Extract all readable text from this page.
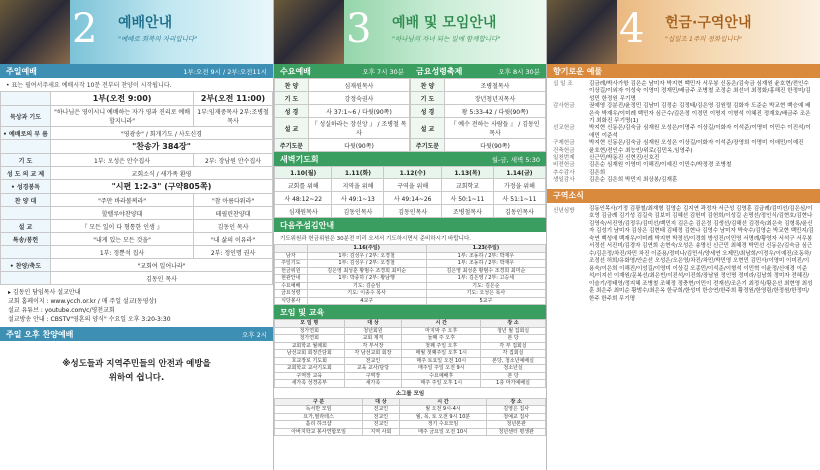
2 예배안내
"예배로 회복의 자리입니다"
주일예배	1부:오전 9시 / 2부:오전11시
• 표는 필여서주세요 예배시작 10분 전부터 찬양이 시작됩니다.
	1부(오전 9:00)	2부(오전 11:00)
묵상과 기도	"하나님은 영이시니 예배하는 자가 영과 진리로 예배할지니라"	1부:임재중목사 2부:조병철목사
• 예배로의 부 름	"영광송" / 회개기도 / 사도신경	
	"찬송가 384장"	
기 도	1부: 오성은 안수집사	2부: 장남원 안수집사
성 도 의 교 제	교회소식 / 새가족 환영	
• 성경봉독	"시편 1:2-3" (구약805쪽)	
찬 양 대	"주만 바라볼찌라"	"참 아름다워라"
	할렐루야찬양대	테필린찬양대
설 교	『 모든 일이 다 형통한 인생 』	김동인 목사
특송/봉헌	"내게 있는 모든 것을"	"내 삶의 이유라"
	1부: 정뿐석 집사	2부: 정인명 권사
• 찬양/축도	"교회여 일어나라"	
	김동인 목사	
▸ 김동인 담임목사 설교안내
교회 홈페이지 : www.ycch.or.kr / 매 주일 설교(동영상)
설교 유튜브 : youtube.com/c/영천교회
설교방송 안내 : CBSTV"영혼의 양식" 수요일 오후 3:20-3:30
주일 오후 찬양예배	오후 2시
※성도들과 지역주민들의 안전과 예방을
위하여 쉽니다.
3 예배 및 모임안내
"하나님의 자녀 되는 일에 함께합니다"
수요예배	오후 7시 30분
찬 양	심재원목사
기 도	강정숙권사
성 경	사 37:1~6 / 다윗(90쪽)
설 교	『 성실하라는 장신앙 』 / 조병철 목사
주기도문	다윗(90쪽)
금요성령축제	오후 8시 30분
찬 양	조병철목사
기 도	장년청년지목사
성 경	왕 5:33-42 / 다윗(90쪽)
설 교	『 예수 전하는 사람들 』 / 김동인 목사
주기도문	다윗(90쪽)
새벽기도회	월-금, 새벽 5:30
1.10(월)	1.11(화)	1.12(수)	1.13(목)	1.14(금)
교회를 위해	지역을 위해	구역을 위해	교회학교	가정을 위해
사 48:12~22	사 49:1~13	사 49:14~26	사 50:1~11	사 51:1~11
심재원목사	김동인목사	김동인목사	조병철목사	김동인목사
다음주섬김안내
기도위원과 헌금위원은 30분전 미리 오셔서 기도하시면서 준비하시기 바랍니다.
	1.16(주일)	1.23(주일)
남자	1부: 김성우 / 2부: 오경철	1부: 조동하 / 2부: 박재우
주일기도	1부: 김성우 / 2부: 오경철	1부: 조동하 / 2부: 박재우
헌금위원	김은영 최성훈 황범수 조경희 최미순	김은영 최성훈 황범수 조경희 최미순
현관안내	1부: 박종하 / 2부: 황남행	1부: 김은영 / 2부: 고승세
수요예배	기도: 김순임	기도: 김은순
금요성령	기도: 이종수 목사	기도: 오성은 목사
식당봉사	4교구	5교구
모임 및 교육
모 임 명	대 상	시 간	장 소
청가연회	청년회원	마지막 주 오후	청년 월 집회실
청가연회	교회 제직	둘째 주 오후	본 당
교회학교 월례회	각 부서장	첫째 주일 오후	각 부 집회실
남선교회 회장간담회	각 남선교회 회장	매월 첫째주일 오후 1시	각 집회실
호교장로 기도회	전교인	매주 토요일 오전 10시	본당, 청소년예배실
교회학교 교사기도회	교육 교사/담당	매주일 주일 오전 9시	청소년실
구역장 교육	구역장	수요예배후	본 당
새가족 성경공부	새가족	매주 주일 오후 1시	1층 마가예배실
소그룹 모임
구 분	대 상	시 간	장 소
독서반 모임	전교인	월 오전 9시-4시	김영은 집사
요가,필라테스	전교인	월, 목, 토 오전 9시 10분	청예교 집사
홀리 하크샵	전교인	정기 수요모임	청년본관
아버지학교 봉사연합모임	지역 사회	매주 금요일 오전 10시	청년센터 평생관
4 헌금·구역안내
"십일조 1주의 정화입니다"
향기로운 예물
십 일 조	김금례/박사가항 김은순 남미자 박지현 백민자 서우봉 신동은/김숙금 심재원 윤호현/전인수 이상길/이외자 이성숙 이영미 정재민/배금주 조병철 조정순 최선녀 최정화/홍해진 한정미/김성민 한정원 무기명
감사헌금	권예영 강분진/윤정민 김남미 김정순 김정태/김은영 김원렬 김화자 도준순 박교현 백승예 배은숙 박재우/이미례 백민자 심근수/김은정 이경민 이명지 이형석 이혜진 정재호/배금주 조은기 최화진 무기명(1)
선교헌금	박지현 신동은/김숙금 심재원 오성은/이명주 이상길/이화자 이석준/이명미 이민수 이진석/이애민 이준석
구제헌금	박지현 신동은/김숙금 심재원 오성은 이상길/이화자 이석준/장영희 이명미 이애민/이예진
건축헌금	윤호현/전인수 최능빈/위로(김민옥,임영주)
일천번제	신근민/박동진 신현진/신호진
비전헌금	김은순 심재원 이영미 이해진/이예진 이민수/박정경 조병철
추수감사	김은희
생일감사	김은순 김은희 박민지 최상봉/김재훈
구역소식
신년심방	김동인목사/기정 김광철/최재형 김영순 김지연 곽정자 서근성 김영훈 김금례/김미선/김은심/이호영 김금례 김기성 김길숙 김보미 김혜선 김헌미 김헌희/이성길 손명선/정인식/김현호/김현나 김영숙/서진영/김정우/김미선/백민지 김은순 김은정 김생선/김해선 김경숙/최은숙 김형록/윤신자 김성기 남미자 김상은 김현태 김태정 김현나 김영수 남미자 박숙수/김영순 박교현 백민지/김숙연 백성애 백재우/이미례 박지현 박정선/이경희 방성진/이민영 서명례/황영자 서석구 서우봉 서정선 서진미/김경자 김연희 손현숙/오성은 송명신 신근민 최혜경 박민선 신동은/김숙금 심근수/김은정/차진/차민 차진 이준용/정미나/김민서/양세연 오제민/최남희/이정우/이예진/조동하/조정선 허희/유화영/안순선 오성은/오은영/차진/차민/박민영 오현민 김민사/이영미 이미진/이용숙/이은희 이해진/이성길/이영미 이상길 오종민/이석준/이형석 이민혁 이윤정/신애경 이준석/이지선 이재원/문복선/최은빈/이진석/이진희/장남원 정인명 정미라/김남희 정미자 전혜진/이슬기/정태영/정지혜 조병철 조혜정 정충현/이민이 전재선/조은기 최정식/황은선 최현영 최성훈 최은주 최미순 황범수/최은옥 한규희/한성미 한승연/한주희 황정원/한영림/한정원/한정미/한주 한주희 무기명
